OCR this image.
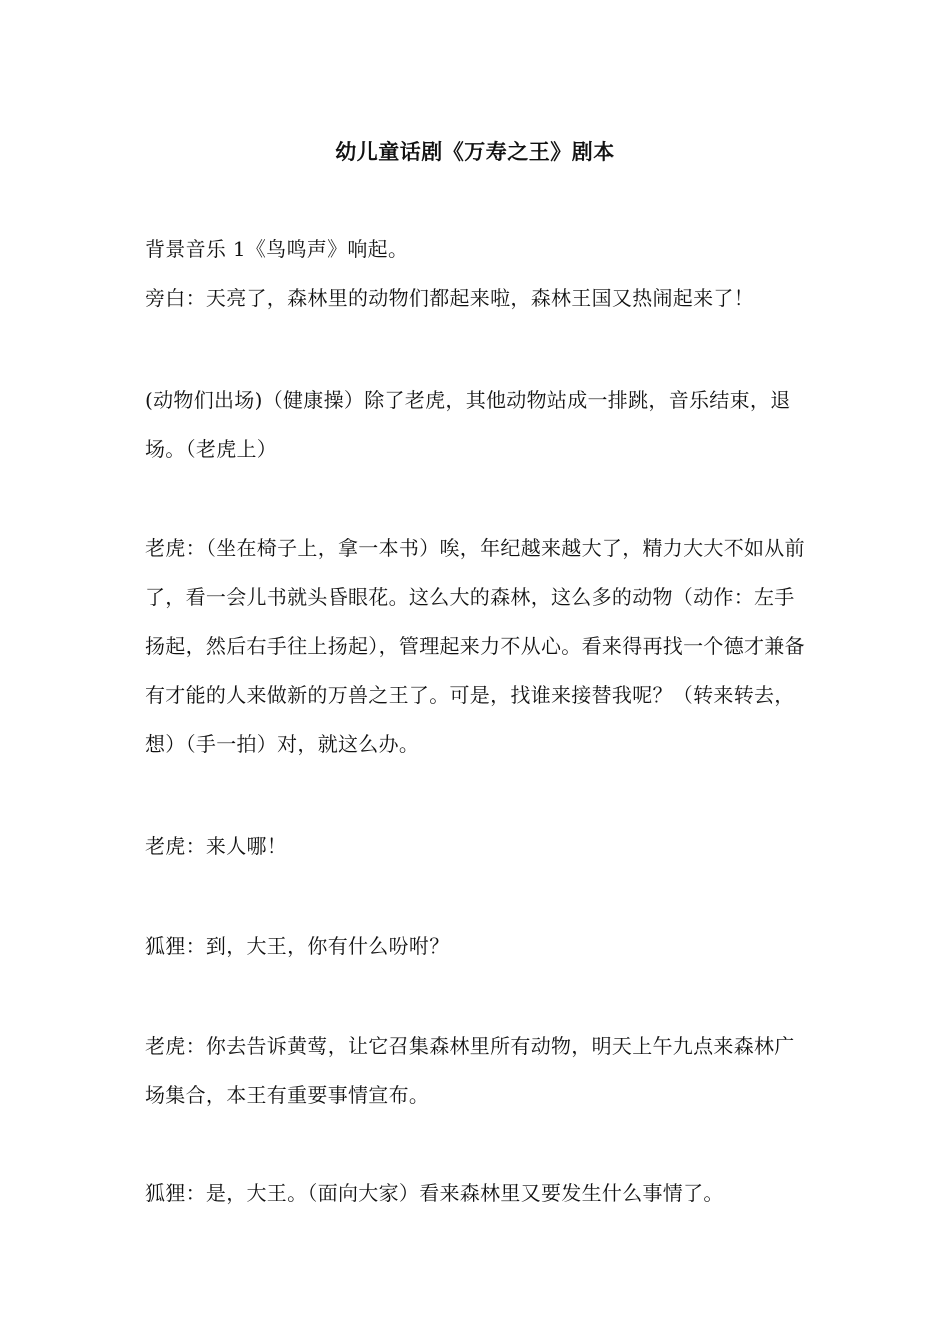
幼儿童话剧《万寿之王》剧本
背景音乐 1《鸟鸣声》响起。
旁白：天亮了，森林里的动物们都起来啦，森林王国又热闹起来了！
(动物们出场)（健康操）除了老虎，其他动物站成一排跳，音乐结束，退场。（老虎上）
老虎：（坐在椅子上，拿一本书）唉，年纪越来越大了，精力大大不如从前了，看一会儿书就头昏眼花。这么大的森林，这么多的动物（动作：左手扬起，然后右手往上扬起），管理起来力不从心。看来得再找一个德才兼备有才能的人来做新的万兽之王了。可是，找谁来接替我呢？（转来转去，想）（手一拍）对，就这么办。
老虎：来人哪！
狐狸：到，大王，你有什么吩咐？
老虎：你去告诉黄莺，让它召集森林里所有动物，明天上午九点来森林广场集合，本王有重要事情宣布。
狐狸：是，大王。（面向大家）看来森林里又要发生什么事情了。
